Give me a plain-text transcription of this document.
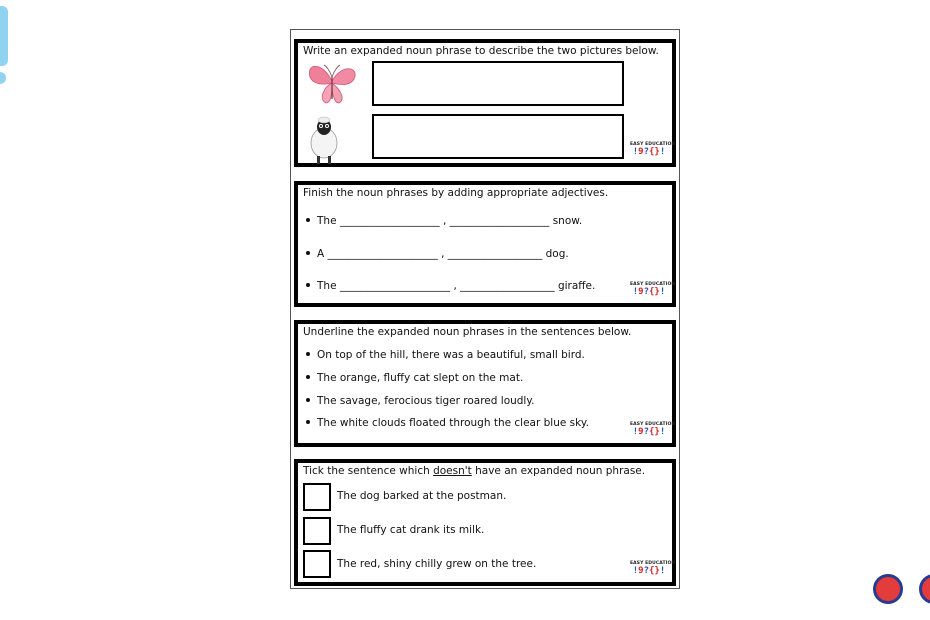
Write an expanded noun phrase to describe the two pictures below.
EASY EDUCATION
!9?{}!
Finish the noun phrases by adding appropriate adjectives.
The ___________________ , ___________________ snow.
A _____________________ , __________________ dog.
The _____________________ , __________________ giraffe.	EASY EDUCATION
!9?{}!
Underline the expanded noun phrases in the sentences below.
On top of the hill, there was a beautiful, small bird.
The orange, fluffy cat slept on the mat.
The savage, ferocious tiger roared loudly.
The white clouds floated through the clear blue sky.	EASY EDUCATION
!9?{}!
Tick the sentence which doesn't have an expanded noun phrase.
The dog barked at the postman.
The fluffy cat drank its milk.
The red, shiny chilly grew on the tree.	EASY EDUCATION
!9?{}!
